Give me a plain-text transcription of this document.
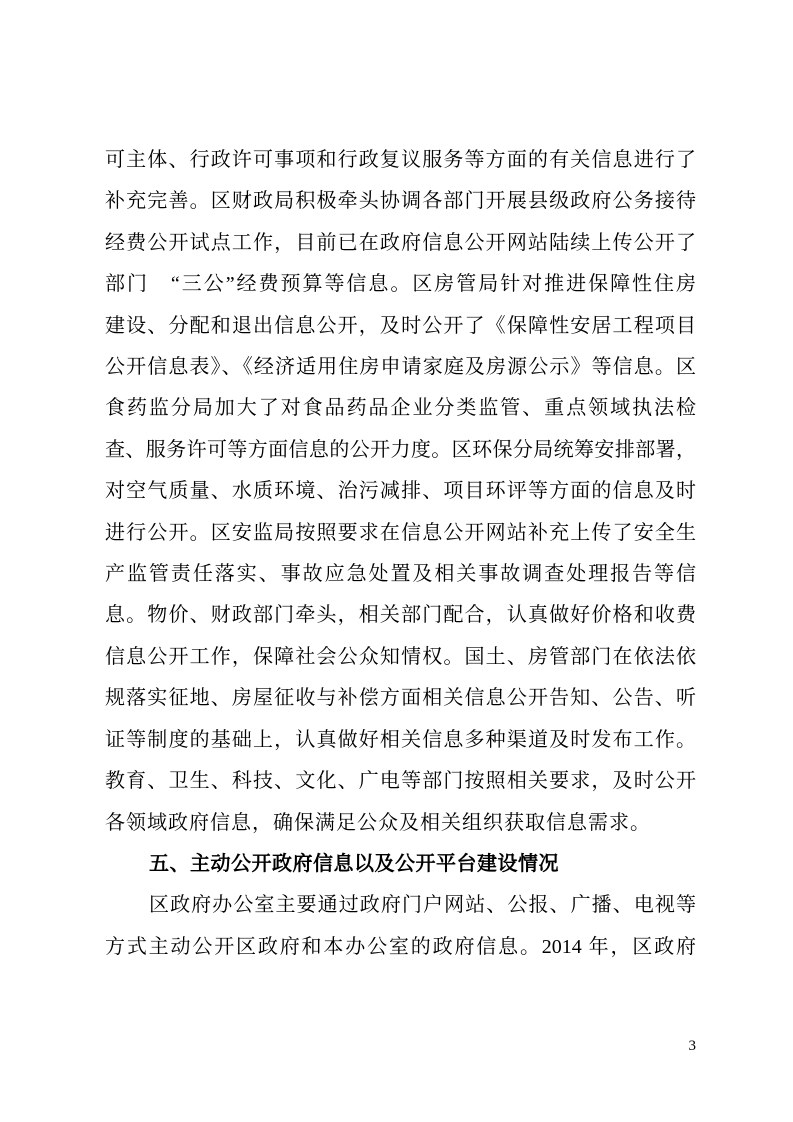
可主体、行政许可事项和行政复议服务等方面的有关信息进行了
补充完善。区财政局积极牵头协调各部门开展县级政府公务接待
经费公开试点工作，目前已在政府信息公开网站陆续上传公开了
部门　“三公”经费预算等信息。区房管局针对推进保障性住房
建设、分配和退出信息公开，及时公开了《保障性安居工程项目
公开信息表》、《经济适用住房申请家庭及房源公示》等信息。区
食药监分局加大了对食品药品企业分类监管、重点领域执法检
查、服务许可等方面信息的公开力度。区环保分局统筹安排部署，
对空气质量、水质环境、治污减排、项目环评等方面的信息及时
进行公开。区安监局按照要求在信息公开网站补充上传了安全生
产监管责任落实、事故应急处置及相关事故调查处理报告等信
息。物价、财政部门牵头，相关部门配合，认真做好价格和收费
信息公开工作，保障社会公众知情权。国土、房管部门在依法依
规落实征地、房屋征收与补偿方面相关信息公开告知、公告、听
证等制度的基础上，认真做好相关信息多种渠道及时发布工作。
教育、卫生、科技、文化、广电等部门按照相关要求，及时公开
各领域政府信息，确保满足公众及相关组织获取信息需求。
五、主动公开政府信息以及公开平台建设情况
区政府办公室主要通过政府门户网站、公报、广播、电视等
方式主动公开区政府和本办公室的政府信息。2014 年，区政府
3
